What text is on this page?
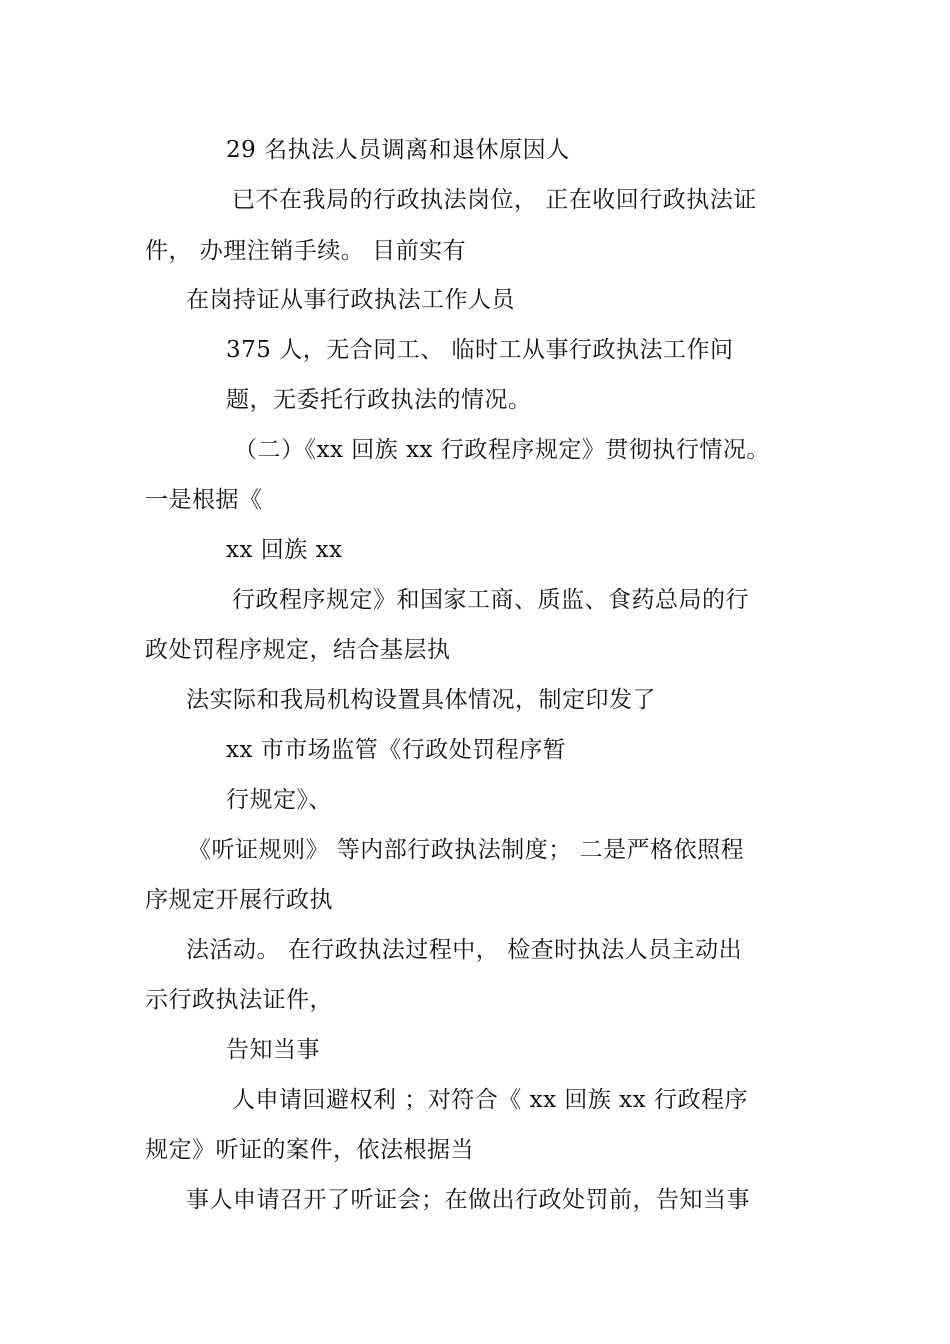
29 名执法人员调离和退休原因人
已不在我局的行政执法岗位， 正在收回行政执法证
件， 办理注销手续。 目前实有
在岗持证从事行政执法工作人员
375 人，无合同工、 临时工从事行政执法工作问
题，无委托行政执法的情况。
（二）《xx 回族 xx 行政程序规定》贯彻执行情况。
一是根据《
xx 回族 xx
行政程序规定》和国家工商、质监、食药总局的行
政处罚程序规定，结合基层执
法实际和我局机构设置具体情况，制定印发了
xx 市市场监管《行政处罚程序暂
行规定》、
《听证规则》 等内部行政执法制度； 二是严格依照程
序规定开展行政执
法活动。 在行政执法过程中， 检查时执法人员主动出
示行政执法证件，
告知当事
人申请回避权利 ；对符合《 xx 回族 xx 行政程序
规定》听证的案件，依法根据当
事人申请召开了听证会；在做出行政处罚前，告知当事
